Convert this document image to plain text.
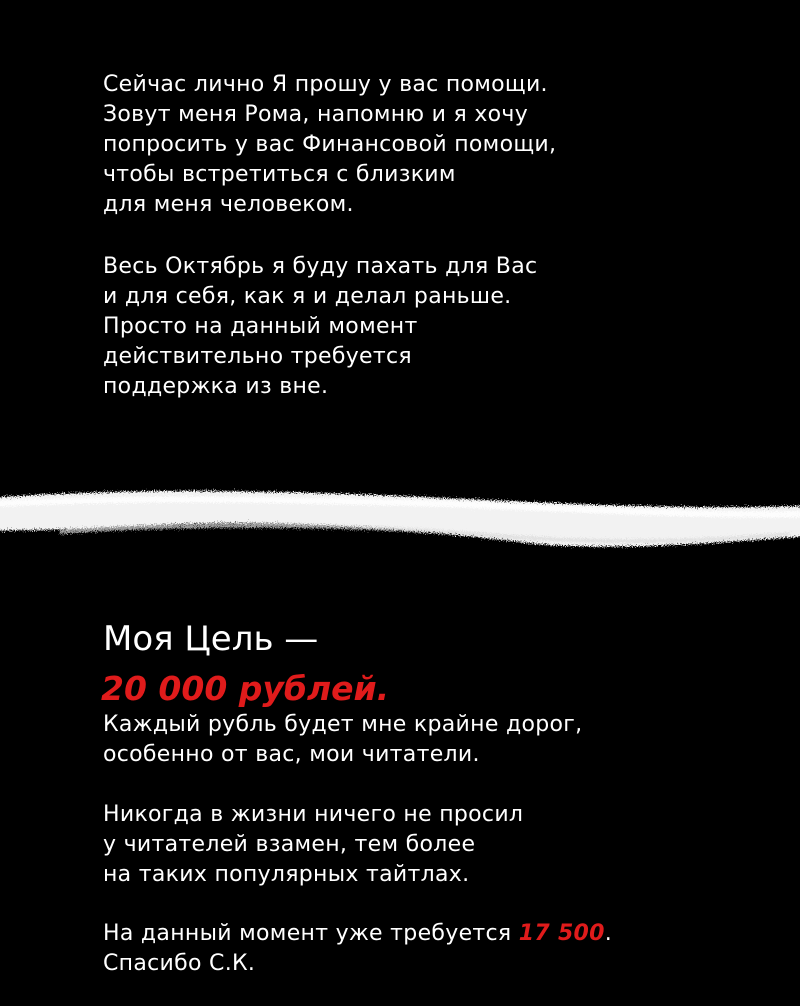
Сейчас лично Я прошу у вас помощи.
Зовут меня Рома, напомню и я хочу
попросить у вас Финансовой помощи,
чтобы встретиться с близким
для меня человеком.

Весь Октябрь я буду пахать для Вас
и для себя, как я и делал раньше.
Просто на данный момент
действительно требуется
поддержка из вне.

Моя Цель —
20 000 рублей.

Каждый рубль будет мне крайне дорог,
особенно от вас, мои читатели.

Никогда в жизни ничего не просил
у читателей взамен, тем более
на таких популярных тайтлах.

На данный момент уже требуется 17 500.
Спасибо С.К.
